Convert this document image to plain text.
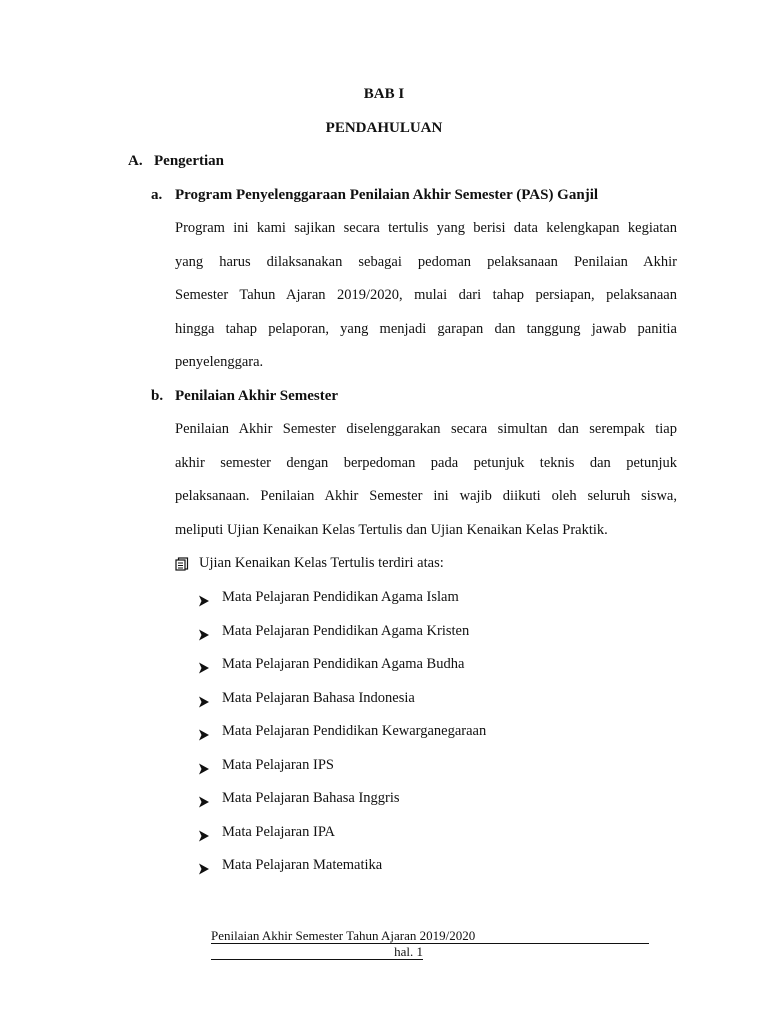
BAB I
PENDAHULUAN
A. Pengertian
a. Program Penyelenggaraan Penilaian Akhir Semester (PAS) Ganjil
Program ini kami sajikan secara tertulis yang berisi data kelengkapan kegiatan
yang harus dilaksanakan sebagai pedoman pelaksanaan Penilaian Akhir
Semester Tahun Ajaran 2019/2020, mulai dari tahap persiapan, pelaksanaan
hingga tahap pelaporan, yang menjadi garapan dan tanggung jawab panitia
penyelenggara.
b. Penilaian Akhir Semester
Penilaian Akhir Semester diselenggarakan secara simultan dan serempak tiap
akhir semester dengan berpedoman pada petunjuk teknis dan petunjuk
pelaksanaan. Penilaian Akhir Semester ini wajib diikuti oleh seluruh siswa,
meliputi Ujian Kenaikan Kelas Tertulis dan Ujian Kenaikan Kelas Praktik.
Ujian Kenaikan Kelas Tertulis terdiri atas:
Mata Pelajaran Pendidikan Agama Islam
Mata Pelajaran Pendidikan Agama Kristen
Mata Pelajaran Pendidikan Agama Budha
Mata Pelajaran Bahasa Indonesia
Mata Pelajaran Pendidikan Kewarganegaraan
Mata Pelajaran IPS
Mata Pelajaran Bahasa Inggris
Mata Pelajaran IPA
Mata Pelajaran Matematika
Penilaian Akhir Semester Tahun Ajaran 2019/2020
hal. 1
